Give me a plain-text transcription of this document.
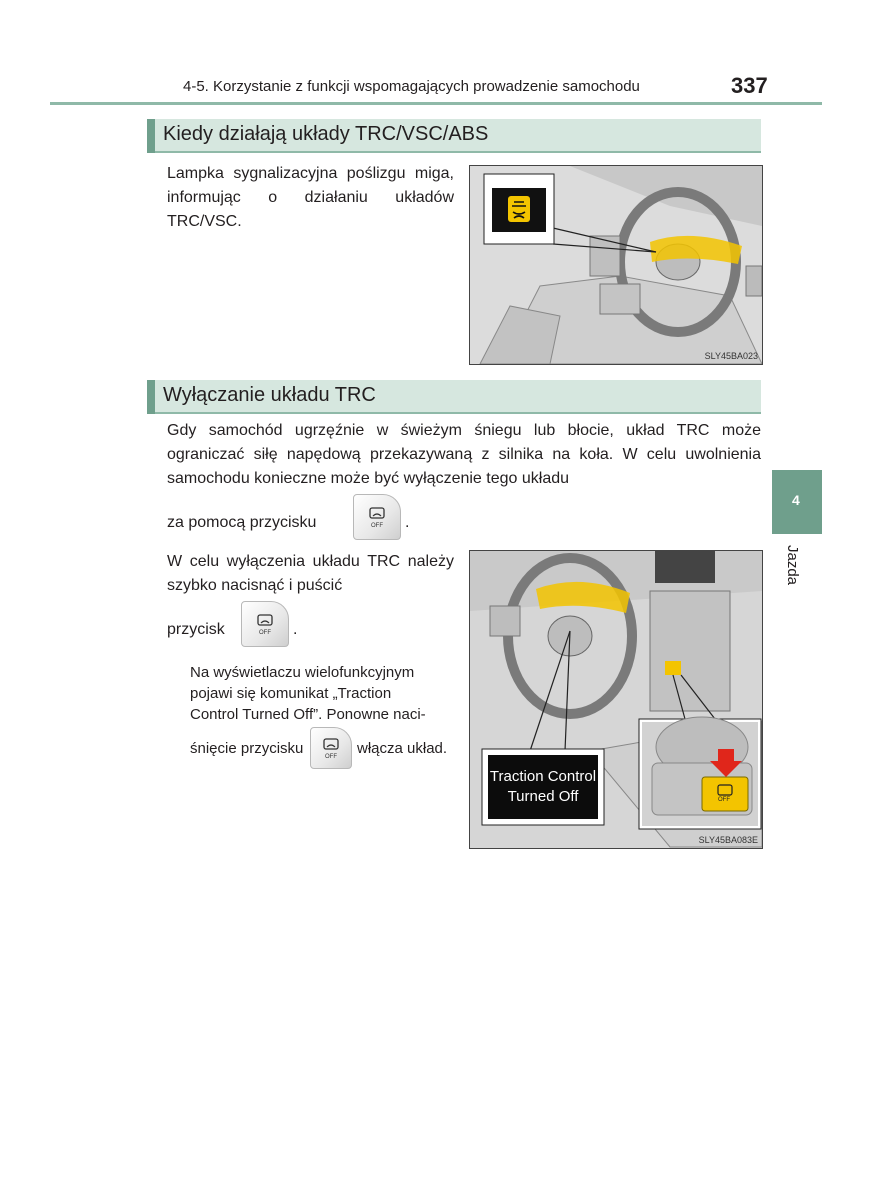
4-5. Korzystanie z funkcji wspomagających prowadzenie samochodu	337
4
Jazda
Kiedy działają układy TRC/VSC/ABS
Lampka sygnalizacyjna poślizgu miga, informując o działaniu układów TRC/VSC.
SLY45BA023
Wyłączanie układu TRC
Gdy samochód ugrzęźnie w świeżym śniegu lub błocie, układ TRC może ograniczać siłę napędową przekazywaną z silnika na koła. W celu uwolnienia samochodu konieczne może być wyłączenie tego układu
za pomocą przycisku	OFF .
W celu wyłączenia układu TRC należy szybko nacisnąć i puścić
przycisk	OFF .
Na wyświetlaczu wielofunkcyjnym
pojawi się komunikat „Traction
Control Turned Off”. Ponowne naci-
śnięcie przycisku	OFF włącza układ.
Traction Control
Turned Off	OFF
SLY45BA083E
